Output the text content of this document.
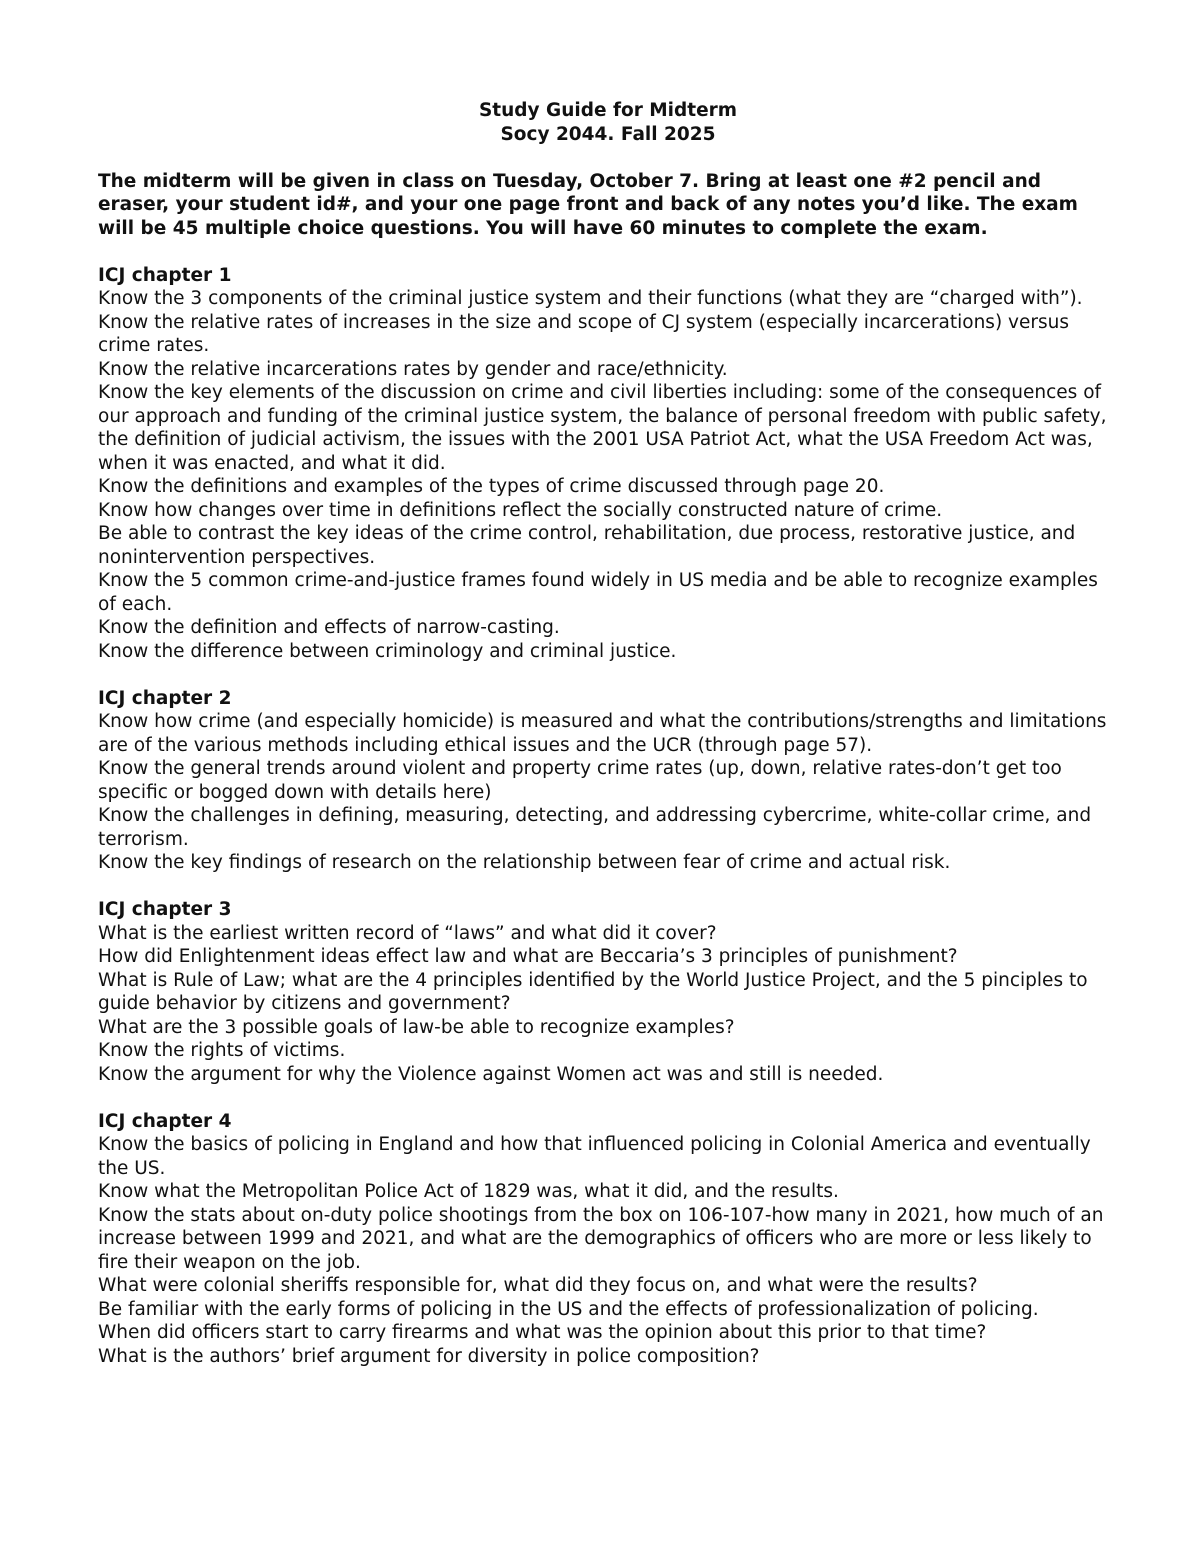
Study Guide for Midterm
Socy 2044. Fall 2025
The midterm will be given in class on Tuesday, October 7. Bring at least one #2 pencil and eraser, your student id#, and your one page front and back of any notes you’d like. The exam will be 45 multiple choice questions. You will have 60 minutes to complete the exam.
ICJ chapter 1
Know the 3 components of the criminal justice system and their functions (what they are “charged with”).
Know the relative rates of increases in the size and scope of CJ system (especially incarcerations) versus crime rates.
Know the relative incarcerations rates by gender and race/ethnicity.
Know the key elements of the discussion on crime and civil liberties including: some of the consequences of our approach and funding of the criminal justice system, the balance of personal freedom with public safety, the definition of judicial activism, the issues with the 2001 USA Patriot Act, what the USA Freedom Act was, when it was enacted, and what it did.
Know the definitions and examples of the types of crime discussed through page 20.
Know how changes over time in definitions reflect the socially constructed nature of crime.
Be able to contrast the key ideas of the crime control, rehabilitation, due process, restorative justice, and nonintervention perspectives.
Know the 5 common crime-and-justice frames found widely in US media and be able to recognize examples of each.
Know the definition and effects of narrow-casting.
Know the difference between criminology and criminal justice.
ICJ chapter 2
Know how crime (and especially homicide) is measured and what the contributions/strengths and limitations are of the various methods including ethical issues and the UCR (through page 57).
Know the general trends around violent and property crime rates (up, down, relative rates-don’t get too specific or bogged down with details here)
Know the challenges in defining, measuring, detecting, and addressing cybercrime, white-collar crime, and terrorism.
Know the key findings of research on the relationship between fear of crime and actual risk.
ICJ chapter 3
What is the earliest written record of “laws” and what did it cover?
How did Enlightenment ideas effect law and what are Beccaria’s 3 principles of punishment?
What is Rule of Law; what are the 4 principles identified by the World Justice Project, and the 5 pinciples to guide behavior by citizens and government?
What are the 3 possible goals of law-be able to recognize examples?
Know the rights of victims.
Know the argument for why the Violence against Women act was and still is needed.
ICJ chapter 4
Know the basics of policing in England and how that influenced policing in Colonial America and eventually the US.
Know what the Metropolitan Police Act of 1829 was, what it did, and the results.
Know the stats about on-duty police shootings from the box on 106-107-how many in 2021, how much of an increase between 1999 and 2021, and what are the demographics of officers who are more or less likely to fire their weapon on the job.
What were colonial sheriffs responsible for, what did they focus on, and what were the results?
Be familiar with the early forms of policing in the US and the effects of professionalization of policing.
When did officers start to carry firearms and what was the opinion about this prior to that time?
What is the authors’ brief argument for diversity in police composition?
